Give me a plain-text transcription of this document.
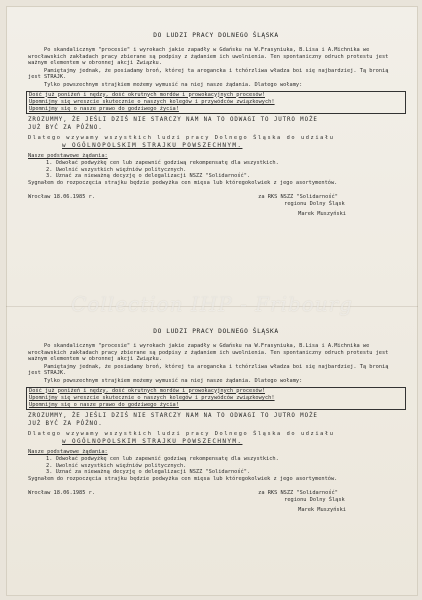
DO LUDZI PRACY DOLNEGO ŚLĄSKA

Po skandalicznym "procesie" i wyrokach jakie zapadły w Gdańsku na W.Frasyniuka, B.Lisa i A.Michnika we wrocławskich zakładach pracy zbierane są podpisy z żądaniem ich uwolnienia. Ten spontaniczny odruch protestu jest ważnym elementem w obronnej akcji Związku.

Pamiętajmy jednak, że posiadamy broń, której ta arogancka i tchórzliwa władza boi się najbardziej. Tą bronią jest STRAJK.

Tylko powszechnym strajkiem możemy wymusić na niej nasze żądania. Dlatego wołamy:

Dość już poniżeń i nędzy, dość okrutnych mordów i prowokacyjnych procesów!

Upomnijmy się wreszcie skutecznie o naszych kolegów i przywódców związkowych!

Upomnijmy się o nasze prawo do godziwego życia!

ZROZUMMY, ŻE JEŚLI DZIŚ NIE STARCZY NAM NA TO ODWAGI TO JUTRO MOŻE
JUŻ BYĆ ZA PÓŹNO.

Dlatego wzywamy wszystkich ludzi pracy Dolnego Śląska do udziału

w OGÓLNOPOLSKIM STRAJKU POWSZECHNYM.

Nasze podstawowe żądania:

1. Odwołać podwyżkę cen lub zapewnić godziwą rekompensatę dla wszystkich.
2. Uwolnić wszystkich więźniów politycznych.
3. Uznać za nieważną decyzję o delegalizacji NSZZ "Solidarność".

Sygnałem do rozpoczęcia strajku będzie podwyżka cen mięsa lub któregokolwiek z jego asortymentów.

Wrocław 18.06.1985 r.	za RKS NSZZ "Solidarność"
regionu Dolny Śląsk
Marek Muszyński
DO LUDZI PRACY DOLNEGO ŚLĄSKA

Po skandalicznym "procesie" i wyrokach jakie zapadły w Gdańsku na W.Frasyniuka, B.Lisa i A.Michnika we wrocławskich zakładach pracy zbierane są podpisy z żądaniem ich uwolnienia. Ten spontaniczny odruch protestu jest ważnym elementem w obronnej akcji Związku.

Pamiętajmy jednak, że posiadamy broń, której ta arogancka i tchórzliwa władza boi się najbardziej. Tą bronią jest STRAJK.

Tylko powszechnym strajkiem możemy wymusić na niej nasze żądania. Dlatego wołamy:

Dość już poniżeń i nędzy, dość okrutnych mordów i prowokacyjnych procesów!

Upomnijmy się wreszcie skutecznie o naszych kolegów i przywódców związkowych!

Upomnijmy się o nasze prawo do godziwego życia!

ZROZUMMY, ŻE JEŚLI DZIŚ NIE STARCZY NAM NA TO ODWAGI TO JUTRO MOŻE
JUŻ BYĆ ZA PÓŹNO.

Dlatego wzywamy wszystkich ludzi pracy Dolnego Śląska do udziału

w OGÓLNOPOLSKIM STRAJKU POWSZECHNYM.

Nasze podstawowe żądania:

1. Odwołać podwyżkę cen lub zapewnić godziwą rekompensatę dla wszystkich.
2. Uwolnić wszystkich więźniów politycznych.
3. Uznać za nieważną decyzję o delegalizacji NSZZ "Solidarność".

Sygnałem do rozpoczęcia strajku będzie podwyżka cen mięsa lub któregokolwiek z jego asortymentów.

Wrocław 18.06.1985 r.	za RKS NSZZ "Solidarność"
regionu Dolny Śląsk
Marek Muszyński
Collection IHP - Fribourg
